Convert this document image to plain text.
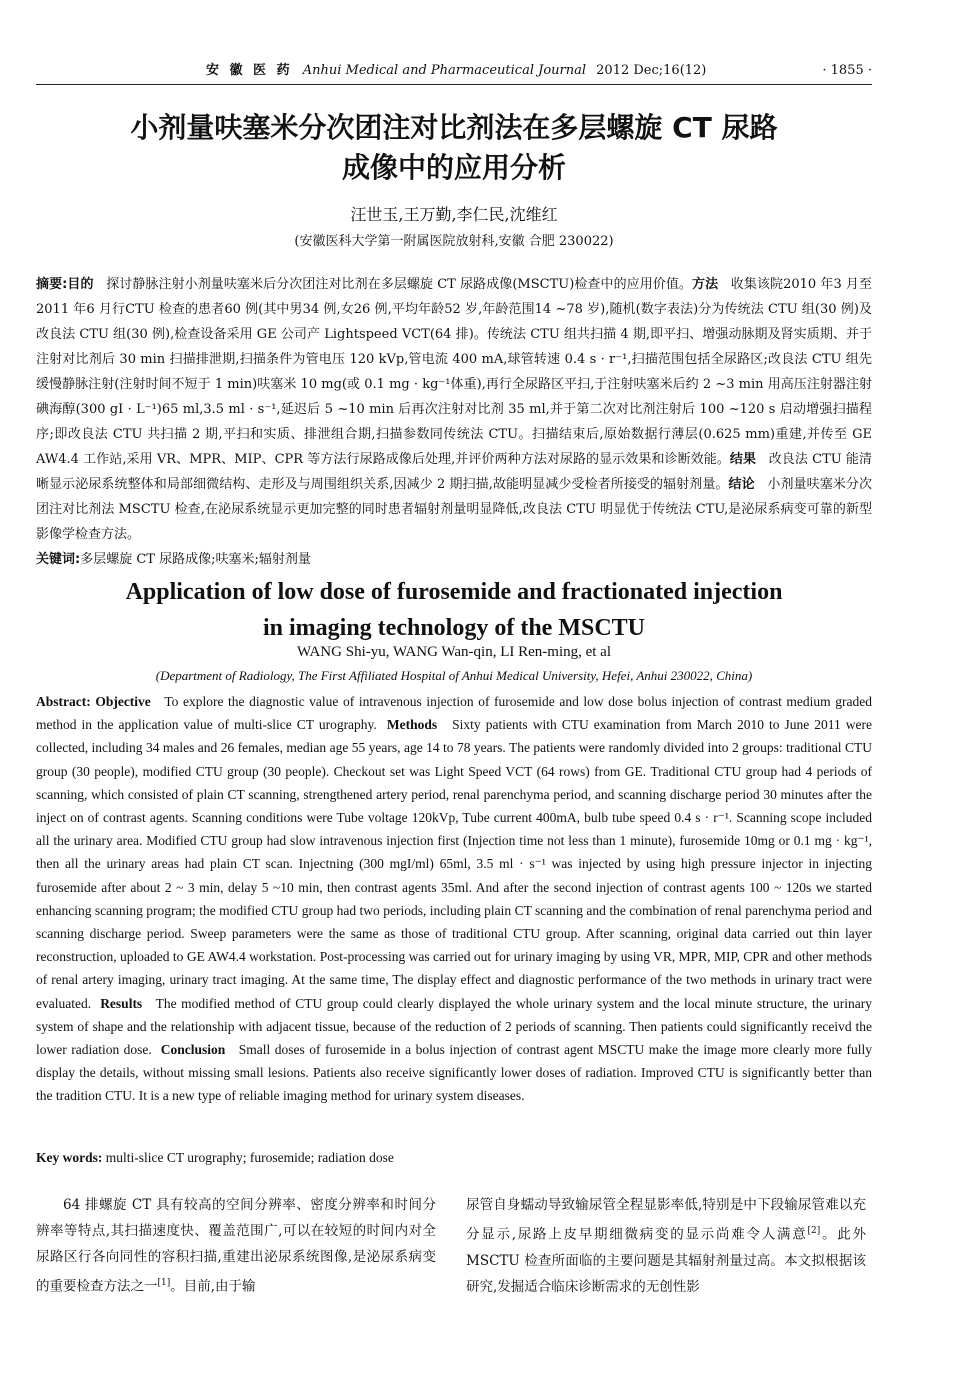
安 徽 医 药 Anhui Medical and Pharmaceutical Journal 2012 Dec;16(12)	· 1855 ·
小剂量呋塞米分次团注对比剂法在多层螺旋 CT 尿路
成像中的应用分析
汪世玉,王万勤,李仁民,沈维红
(安徽医科大学第一附属医院放射科,安徽 合肥 230022)
摘要:目的 探讨静脉注射小剂量呋塞米后分次团注对比剂在多层螺旋 CT 尿路成像(MSCTU)检查中的应用价值。方法 收集该院2010 年3 月至2011 年6 月行CTU 检查的患者60 例(其中男34 例,女26 例,平均年龄52 岁,年龄范围14 ~78 岁),随机(数字表法)分为传统法 CTU 组(30 例)及改良法 CTU 组(30 例),检查设备采用 GE 公司产 Lightspeed VCT(64 排)。传统法 CTU 组共扫描 4 期,即平扫、增强动脉期及肾实质期、并于注射对比剂后 30 min 扫描排泄期,扫描条件为管电压 120 kVp,管电流 400 mA,球管转速 0.4 s · r⁻¹,扫描范围包括全尿路区;改良法 CTU 组先缓慢静脉注射(注射时间不短于 1 min)呋塞米 10 mg(或 0.1 mg · kg⁻¹体重),再行全尿路区平扫,于注射呋塞米后约 2 ~3 min 用高压注射器注射碘海醇(300 gI · L⁻¹)65 ml,3.5 ml · s⁻¹,延迟后 5 ~10 min 后再次注射对比剂 35 ml,并于第二次对比剂注射后 100 ~120 s 启动增强扫描程序;即改良法 CTU 共扫描 2 期,平扫和实质、排泄组合期,扫描参数同传统法 CTU。扫描结束后,原始数据行薄层(0.625 mm)重建,并传至 GE AW4.4 工作站,采用 VR、MPR、MIP、CPR 等方法行尿路成像后处理,并评价两种方法对尿路的显示效果和诊断效能。结果 改良法 CTU 能清晰显示泌尿系统整体和局部细微结构、走形及与周围组织关系,因减少 2 期扫描,故能明显减少受检者所接受的辐射剂量。结论 小剂量呋塞米分次团注对比剂法 MSCTU 检查,在泌尿系统显示更加完整的同时患者辐射剂量明显降低,改良法 CTU 明显优于传统法 CTU,是泌尿系病变可靠的新型影像学检查方法。
关键词:多层螺旋 CT 尿路成像;呋塞米;辐射剂量
Application of low dose of furosemide and fractionated injection
in imaging technology of the MSCTU
WANG Shi-yu, WANG Wan-qin, LI Ren-ming, et al
(Department of Radiology, The First Affiliated Hospital of Anhui Medical University, Hefei, Anhui 230022, China)
Abstract: Objective To explore the diagnostic value of intravenous injection of furosemide and low dose bolus injection of contrast medium graded method in the application value of multi-slice CT urography. Methods Sixty patients with CTU examination from March 2010 to June 2011 were collected, including 34 males and 26 females, median age 55 years, age 14 to 78 years. The patients were randomly divided into 2 groups: traditional CTU group (30 people), modified CTU group (30 people). Checkout set was Light Speed VCT (64 rows) from GE. Traditional CTU group had 4 periods of scanning, which consisted of plain CT scanning, strengthened artery period, renal parenchyma period, and scanning discharge period 30 minutes after the inject on of contrast agents. Scanning conditions were Tube voltage 120kVp, Tube current 400mA, bulb tube speed 0.4 s · r⁻¹. Scanning scope included all the urinary area. Modified CTU group had slow intravenous injection first (Injection time not less than 1 minute), furosemide 10mg or 0.1 mg · kg⁻¹, then all the urinary areas had plain CT scan. Injectning (300 mgI/ml) 65ml, 3.5 ml · s⁻¹ was injected by using high pressure injector in injecting furosemide after about 2 ~ 3 min, delay 5 ~10 min, then contrast agents 35ml. And after the second injection of contrast agents 100 ~ 120s we started enhancing scanning program; the modified CTU group had two periods, including plain CT scanning and the combination of renal parenchyma period and scanning discharge period. Sweep parameters were the same as those of traditional CTU group. After scanning, original data carried out thin layer reconstruction, uploaded to GE AW4.4 workstation. Post-processing was carried out for urinary imaging by using VR, MPR, MIP, CPR and other methods of renal artery imaging, urinary tract imaging. At the same time, The display effect and diagnostic performance of the two methods in urinary tract were evaluated. Results The modified method of CTU group could clearly displayed the whole urinary system and the local minute structure, the urinary system of shape and the relationship with adjacent tissue, because of the reduction of 2 periods of scanning. Then patients could significantly receivd the lower radiation dose. Conclusion Small doses of furosemide in a bolus injection of contrast agent MSCTU make the image more clearly more fully display the details, without missing small lesions. Patients also receive significantly lower doses of radiation. Improved CTU is significantly better than the tradition CTU. It is a new type of reliable imaging method for urinary system diseases.
Key words: multi-slice CT urography; furosemide; radiation dose
64 排螺旋 CT 具有较高的空间分辨率、密度分辨率和时间分辨率等特点,其扫描速度快、覆盖范围广,可以在较短的时间内对全尿路区行各向同性的容积扫描,重建出泌尿系统图像,是泌尿系病变的重要检查方法之一[1]。目前,由于输
尿管自身蠕动导致输尿管全程显影率低,特别是中下段输尿管难以充分显示,尿路上皮早期细微病变的显示尚难令人满意[2]。此外 MSCTU 检查所面临的主要问题是其辐射剂量过高。本文拟根据该研究,发掘适合临床诊断需求的无创性影
